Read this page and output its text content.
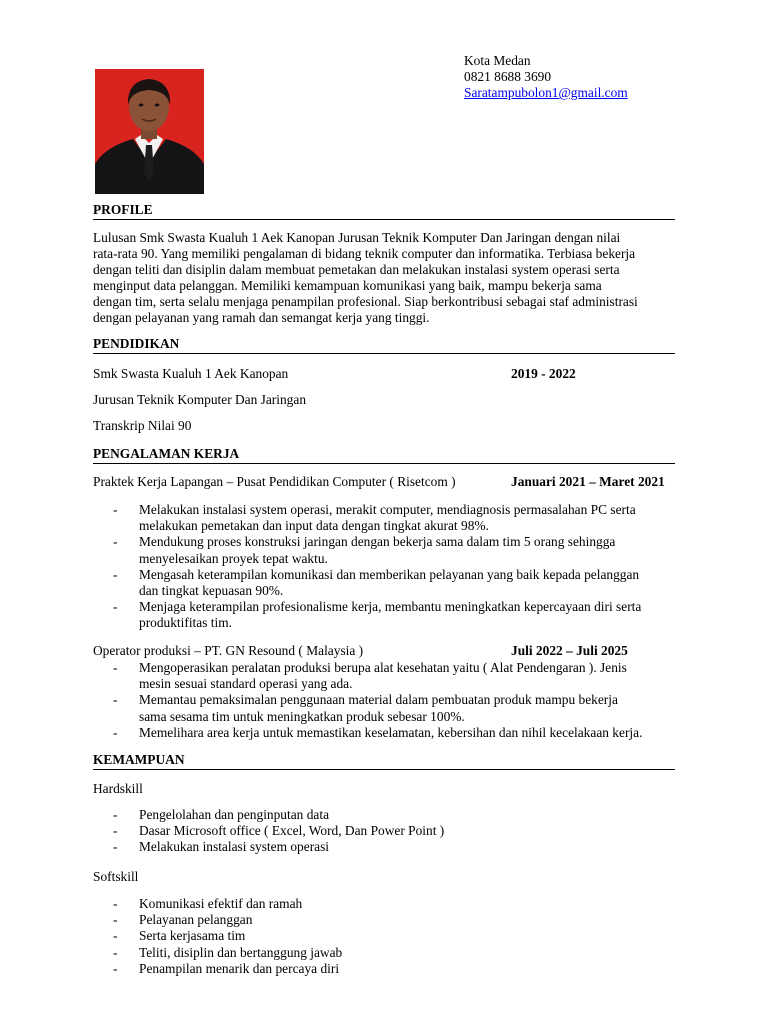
Kota Medan
0821 8688 3690
Saratampubolon1@gmail.com
PROFILE
Lulusan Smk Swasta Kualuh 1 Aek Kanopan Jurusan Teknik Komputer Dan Jaringan dengan nilai
rata-rata 90. Yang memiliki pengalaman di bidang teknik computer dan informatika. Terbiasa bekerja
dengan teliti dan disiplin dalam membuat pemetakan dan melakukan instalasi system operasi serta
menginput data pelanggan. Memiliki kemampuan komunikasi yang baik, mampu bekerja sama
dengan tim, serta selalu menjaga penampilan profesional. Siap berkontribusi sebagai staf administrasi
dengan pelayanan yang ramah dan semangat kerja yang tinggi.
PENDIDIKAN
Smk Swasta Kualuh 1 Aek Kanopan	2019 - 2022
Jurusan Teknik Komputer Dan Jaringan
Transkrip Nilai 90
PENGALAMAN KERJA
Praktek Kerja Lapangan – Pusat Pendidikan Computer ( Risetcom )	Januari 2021 – Maret 2021
- Melakukan instalasi system operasi, merakit computer, mendiagnosis permasalahan PC serta
melakukan pemetakan dan input data dengan tingkat akurat 98%.
- Mendukung proses konstruksi jaringan dengan bekerja sama dalam tim 5 orang sehingga
menyelesaikan proyek tepat waktu.
- Mengasah keterampilan komunikasi dan memberikan pelayanan yang baik kepada pelanggan
dan tingkat kepuasan 90%.
- Menjaga keterampilan profesionalisme kerja, membantu meningkatkan kepercayaan diri serta
produktifitas tim.
Operator produksi – PT. GN Resound ( Malaysia )	Juli 2022 – Juli 2025
- Mengoperasikan peralatan produksi berupa alat kesehatan yaitu ( Alat Pendengaran ). Jenis
mesin sesuai standard operasi yang ada.
- Memantau pemaksimalan penggunaan material dalam pembuatan produk mampu bekerja
sama sesama tim untuk meningkatkan produk sebesar 100%.
- Memelihara area kerja untuk memastikan keselamatan, kebersihan dan nihil kecelakaan kerja.
KEMAMPUAN
Hardskill
- Pengelolahan dan penginputan data
- Dasar Microsoft office ( Excel, Word, Dan Power Point )
- Melakukan instalasi system operasi
Softskill
- Komunikasi efektif dan ramah
- Pelayanan pelanggan
- Serta kerjasama tim
- Teliti, disiplin dan bertanggung jawab
- Penampilan menarik dan percaya diri
